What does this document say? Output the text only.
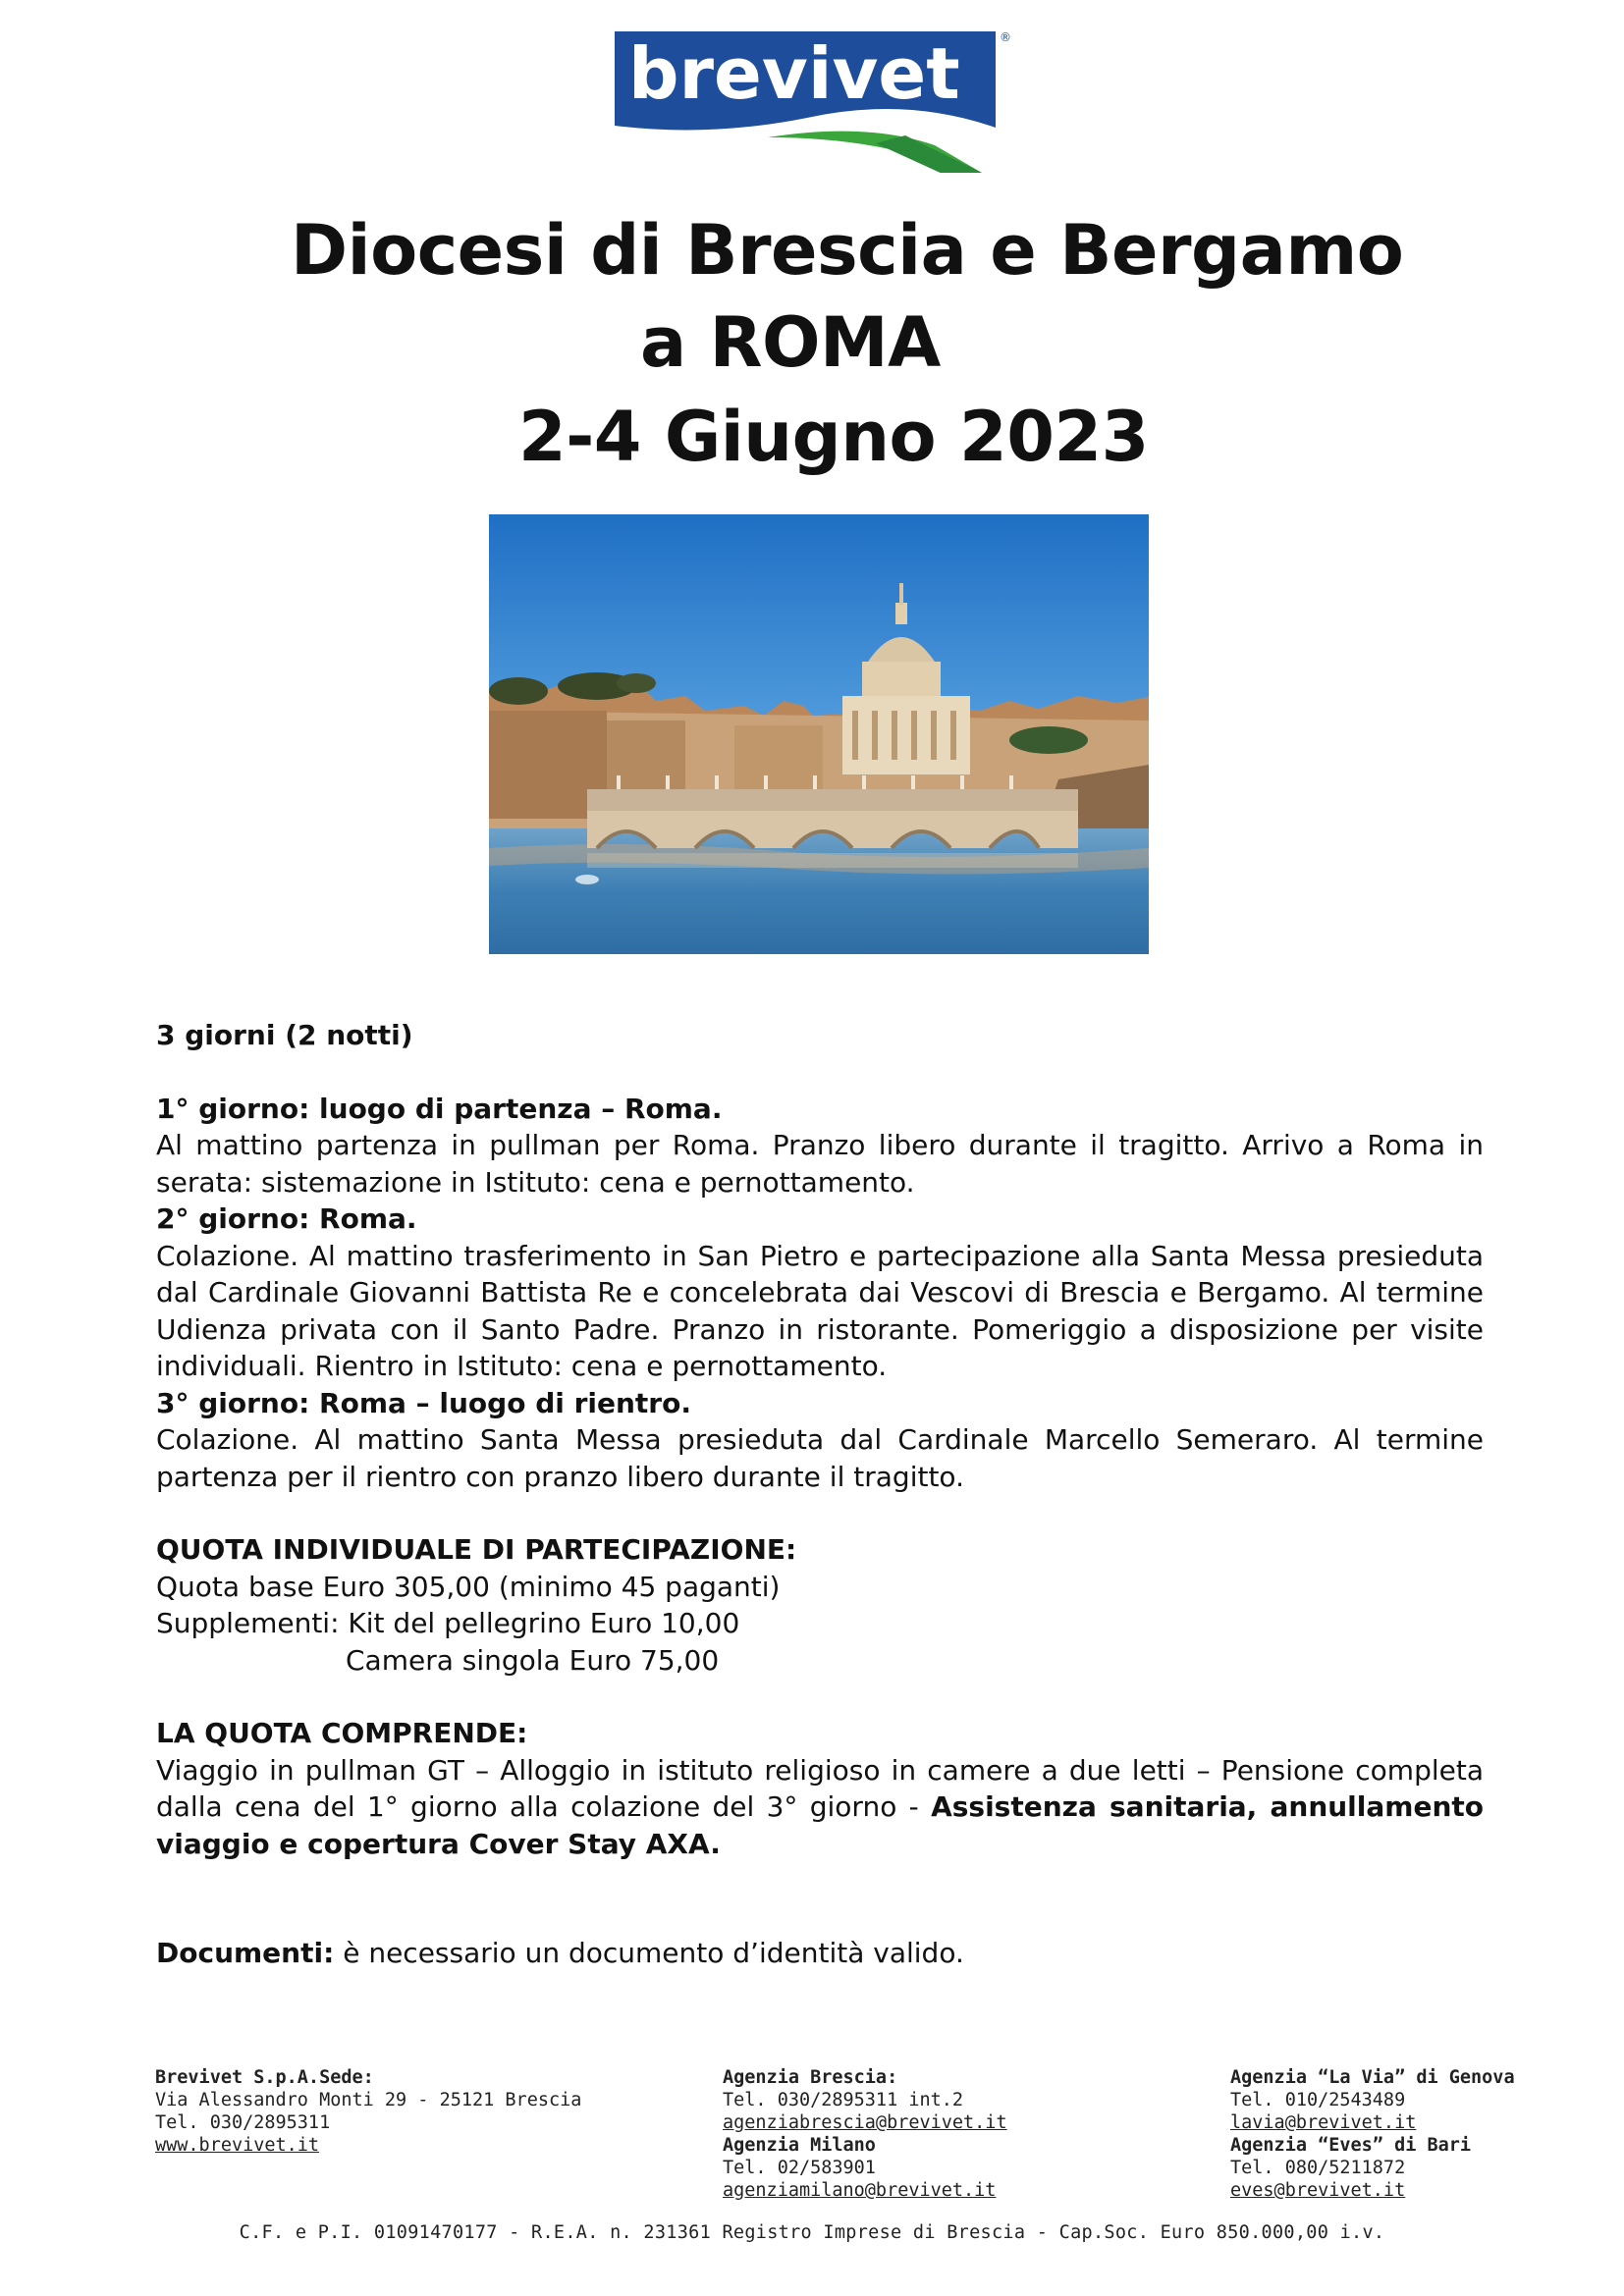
brevivet	®
Diocesi di Brescia e Bergamo
a ROMA
2-4 Giugno 2023

3 giorni (2 notti)

1° giorno: luogo di partenza – Roma.

Al mattino partenza in pullman per Roma. Pranzo libero durante il tragitto. Arrivo a Roma in serata: sistemazione in Istituto: cena e pernottamento.

2° giorno: Roma.

Colazione. Al mattino trasferimento in San Pietro e partecipazione alla Santa Messa presieduta dal Cardinale Giovanni Battista Re e concelebrata dai Vescovi di Brescia e Bergamo. Al termine Udienza privata con il Santo Padre. Pranzo in ristorante. Pomeriggio a disposizione per visite individuali. Rientro in Istituto: cena e pernottamento.

3° giorno: Roma – luogo di rientro.

Colazione. Al mattino Santa Messa presieduta dal Cardinale Marcello Semeraro. Al termine partenza per il rientro con pranzo libero durante il tragitto.

QUOTA INDIVIDUALE DI PARTECIPAZIONE:

Quota base Euro 305,00 (minimo 45 paganti)

Supplementi: Kit del pellegrino Euro 10,00

Camera singola Euro 75,00

LA QUOTA COMPRENDE:

Viaggio in pullman GT – Alloggio in istituto religioso in camere a due letti – Pensione completa dalla cena del 1° giorno alla colazione del 3° giorno - Assistenza sanitaria, annullamento viaggio e copertura Cover Stay AXA.

Documenti: è necessario un documento d’identità valido.

Brevivet S.p.A.Sede:
Via Alessandro Monti 29 - 25121 Brescia
Tel. 030/2895311
www.brevivet.it
Agenzia Brescia:
Tel. 030/2895311 int.2
agenziabrescia@brevivet.it
Agenzia Milano
Tel. 02/583901
agenziamilano@brevivet.it
Agenzia “La Via” di Genova
Tel. 010/2543489
lavia@brevivet.it
Agenzia “Eves” di Bari
Tel. 080/5211872
eves@brevivet.it
C.F. e P.I. 01091470177 - R.E.A. n. 231361 Registro Imprese di Brescia - Cap.Soc. Euro 850.000,00 i.v.
